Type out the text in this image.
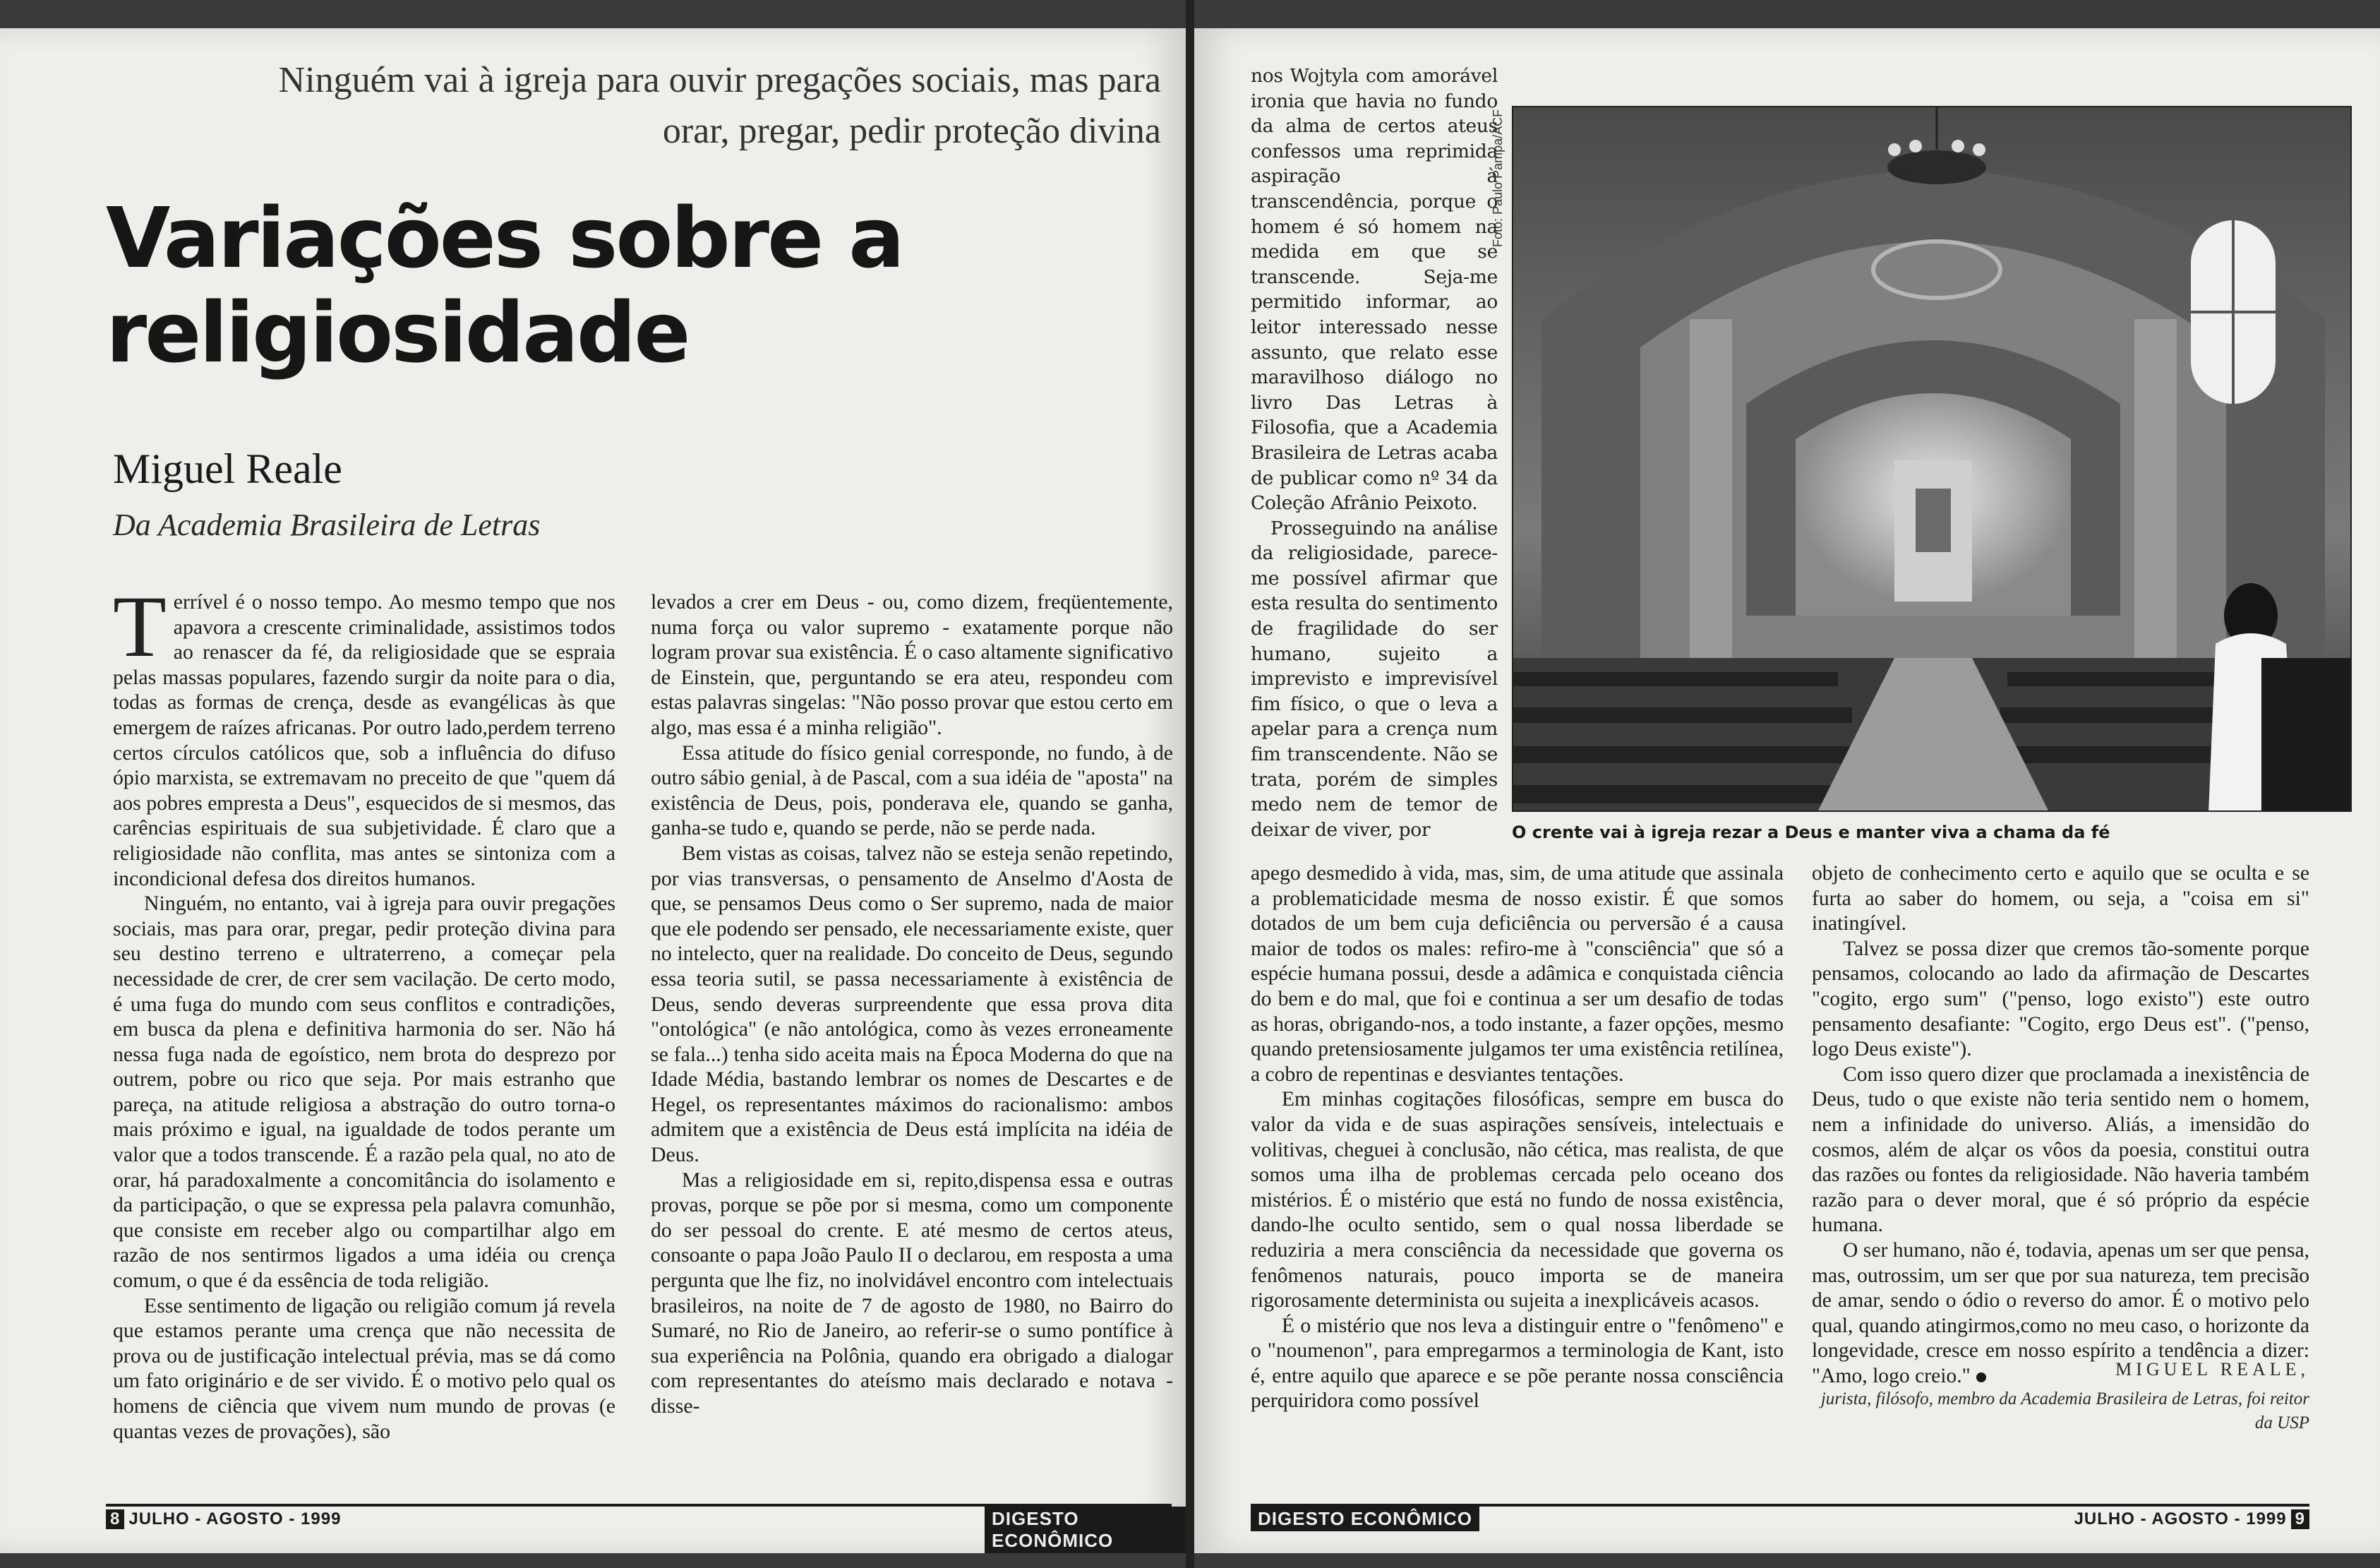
Ninguém vai à igreja para ouvir pregações sociais, mas para orar, pregar, pedir proteção divina
Variações sobre a
religiosidade
Miguel Reale
Da Academia Brasileira de Letras

Terrível é o nosso tempo. Ao mesmo tempo que nos apavora a crescente criminalidade, assistimos todos ao renascer da fé, da religiosidade que se espraia pelas massas populares, fazendo surgir da noite para o dia, todas as formas de crença, desde as evangélicas às que emergem de raízes africanas. Por outro lado,perdem terreno certos círculos católicos que, sob a influência do difuso ópio marxista, se extremavam no preceito de que "quem dá aos pobres empresta a Deus", esquecidos de si mesmos, das carências espirituais de sua subjetividade. É claro que a religiosidade não conflita, mas antes se sintoniza com a incondicional defesa dos direitos humanos.

Ninguém, no entanto, vai à igreja para ouvir pregações sociais, mas para orar, pregar, pedir proteção divina para seu destino terreno e ultraterreno, a começar pela necessidade de crer, de crer sem vacilação. De certo modo, é uma fuga do mundo com seus conflitos e contradições, em busca da plena e definitiva harmonia do ser. Não há nessa fuga nada de egoístico, nem brota do desprezo por outrem, pobre ou rico que seja. Por mais estranho que pareça, na atitude religiosa a abstração do outro torna-o mais próximo e igual, na igualdade de todos perante um valor que a todos transcende. É a razão pela qual, no ato de orar, há paradoxalmente a concomitância do isolamento e da participação, o que se expressa pela palavra comunhão, que consiste em receber algo ou compartilhar algo em razão de nos sentirmos ligados a uma idéia ou crença comum, o que é da essência de toda religião.

Esse sentimento de ligação ou religião comum já revela que estamos perante uma crença que não necessita de prova ou de justificação intelectual prévia, mas se dá como um fato originário e de ser vivido. É o motivo pelo qual os homens de ciência que vivem num mundo de provas (e quantas vezes de provações), são

levados a crer em Deus - ou, como dizem, freqüentemente, numa força ou valor supremo - exatamente porque não logram provar sua existência. É o caso altamente significativo de Einstein, que, perguntando se era ateu, respondeu com estas palavras singelas: "Não posso provar que estou certo em algo, mas essa é a minha religião".

Essa atitude do físico genial corresponde, no fundo, à de outro sábio genial, à de Pascal, com a sua idéia de "aposta" na existência de Deus, pois, ponderava ele, quando se ganha, ganha-se tudo e, quando se perde, não se perde nada.

Bem vistas as coisas, talvez não se esteja senão repetindo, por vias transversas, o pensamento de Anselmo d'Aosta de que, se pensamos Deus como o Ser supremo, nada de maior que ele podendo ser pensado, ele necessariamente existe, quer no intelecto, quer na realidade. Do conceito de Deus, segundo essa teoria sutil, se passa necessariamente à existência de Deus, sendo deveras surpreendente que essa prova dita "ontológica" (e não antológica, como às vezes erroneamente se fala...) tenha sido aceita mais na Época Moderna do que na Idade Média, bastando lembrar os nomes de Descartes e de Hegel, os representantes máximos do racionalismo: ambos admitem que a existência de Deus está implícita na idéia de Deus.

Mas a religiosidade em si, repito,dispensa essa e outras provas, porque se põe por si mesma, como um componente do ser pessoal do crente. E até mesmo de certos ateus, consoante o papa João Paulo II o declarou, em resposta a uma pergunta que lhe fiz, no inolvidável encontro com intelectuais brasileiros, na noite de 7 de agosto de 1980, no Bairro do Sumaré, no Rio de Janeiro, ao referir-se o sumo pontífice à sua experiência na Polônia, quando era obrigado a dialogar com representantes do ateísmo mais declarado e notava - disse-

8 JULHO - AGOSTO - 1999	DIGESTO ECONÔMICO

nos Wojtyla com amorável ironia que havia no fundo da alma de certos ateus confessos uma reprimida aspiração à transcendência, porque o homem é só homem na medida em que se transcende. Seja-me permitido informar, ao leitor interessado nesse assunto, que relato esse maravilhoso diálogo no livro Das Letras à Filosofia, que a Academia Brasileira de Letras acaba de publicar como nº 34 da Coleção Afrânio Peixoto.

Prosseguindo na análise da religiosidade, parece-me possível afirmar que esta resulta do sentimento de fragilidade do ser humano, sujeito a imprevisto e imprevisível fim físico, o que o leva a apelar para a crença num fim transcendente. Não se trata, porém de simples medo nem de temor de deixar de viver, por

Foto: Paulo Pampa/ACF
O crente vai à igreja rezar a Deus e manter viva a chama da fé

apego desmedido à vida, mas, sim, de uma atitude que assinala a problematicidade mesma de nosso existir. É que somos dotados de um bem cuja deficiência ou perversão é a causa maior de todos os males: refiro-me à "consciência" que só a espécie humana possui, desde a adâmica e conquistada ciência do bem e do mal, que foi e continua a ser um desafio de todas as horas, obrigando-nos, a todo instante, a fazer opções, mesmo quando pretensiosamente julgamos ter uma existência retilínea, a cobro de repentinas e desviantes tentações.

Em minhas cogitações filosóficas, sempre em busca do valor da vida e de suas aspirações sensíveis, intelectuais e volitivas, cheguei à conclusão, não cética, mas realista, de que somos uma ilha de problemas cercada pelo oceano dos mistérios. É o mistério que está no fundo de nossa existência, dando-lhe oculto sentido, sem o qual nossa liberdade se reduziria a mera consciência da necessidade que governa os fenômenos naturais, pouco importa se de maneira rigorosamente determinista ou sujeita a inexplicáveis acasos.

É o mistério que nos leva a distinguir entre o "fenômeno" e o "noumenon", para empregarmos a terminologia de Kant, isto é, entre aquilo que aparece e se põe perante nossa consciência perquiridora como possível

objeto de conhecimento certo e aquilo que se oculta e se furta ao saber do homem, ou seja, a "coisa em si" inatingível.

Talvez se possa dizer que cremos tão-somente porque pensamos, colocando ao lado da afirmação de Descartes "cogito, ergo sum" ("penso, logo existo") este outro pensamento desafiante: "Cogito, ergo Deus est". ("penso, logo Deus existe").

Com isso quero dizer que proclamada a inexistência de Deus, tudo o que existe não teria sentido nem o homem, nem a infinidade do universo. Aliás, a imensidão do cosmos, além de alçar os vôos da poesia, constitui outra das razões ou fontes da religiosidade. Não haveria também razão para o dever moral, que é só próprio da espécie humana.

O ser humano, não é, todavia, apenas um ser que pensa, mas, outrossim, um ser que por sua natureza, tem precisão de amar, sendo o ódio o reverso do amor. É o motivo pelo qual, quando atingirmos,como no meu caso, o horizonte da longevidade, cresce em nosso espírito a tendência a dizer: "Amo, logo creio."	MIGUEL REALE,
jurista, filósofo, membro da Academia Brasileira de Letras, foi reitor da USP
DIGESTO ECONÔMICO	JULHO - AGOSTO - 1999 9
